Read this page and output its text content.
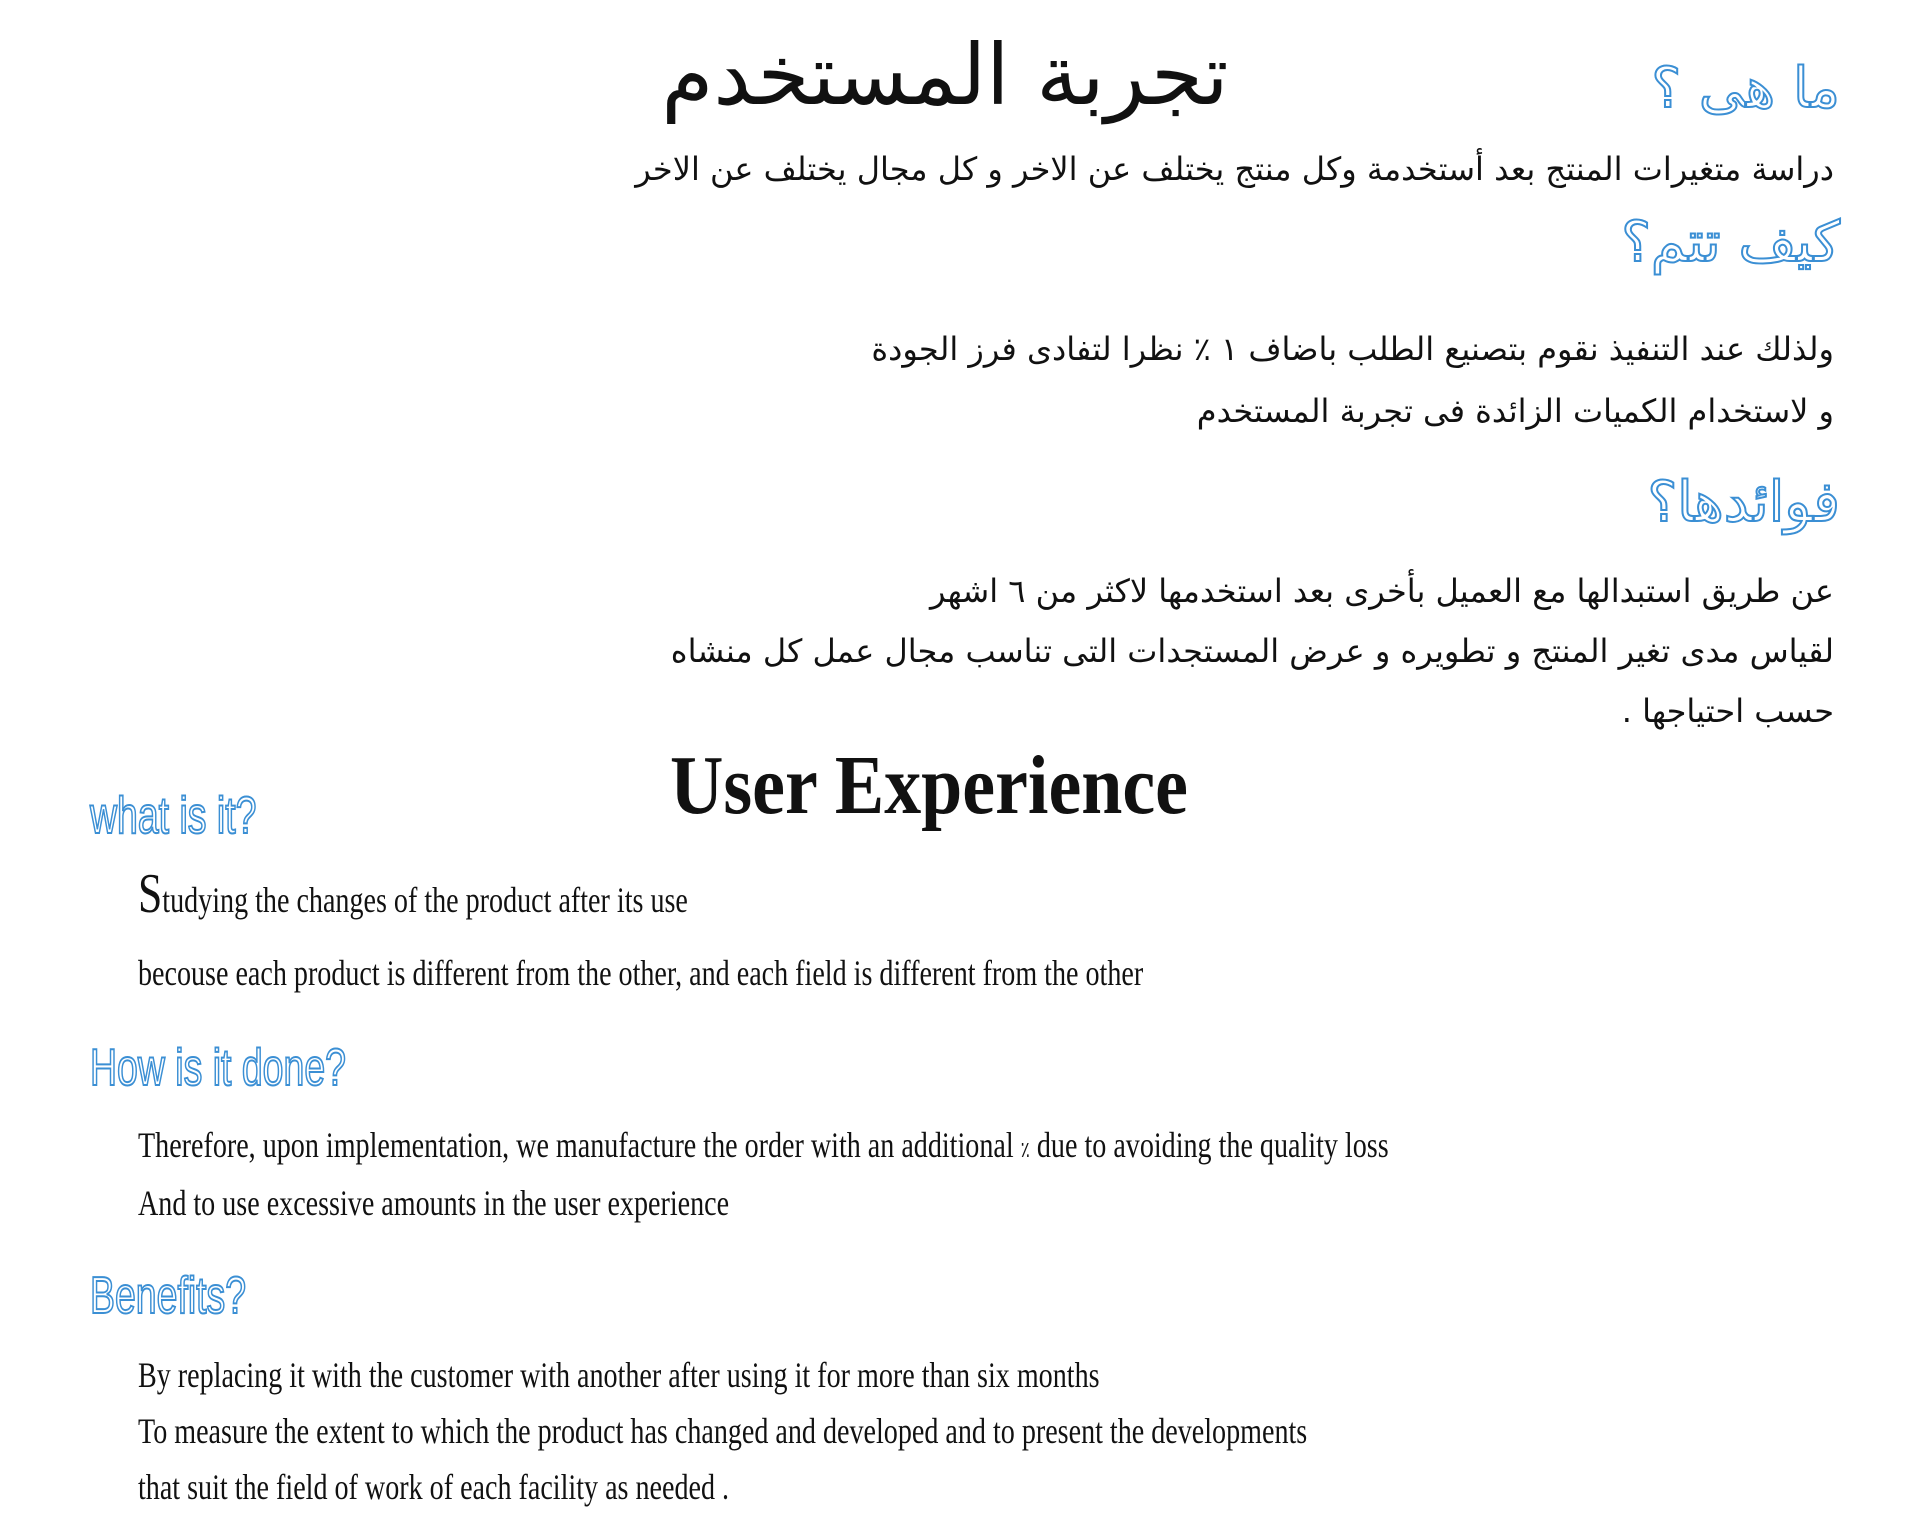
تجربة المستخدم	ما هى ؟
دراسة متغيرات المنتج بعد أستخدمة وكل منتج يختلف عن الاخر و كل مجال يختلف عن الاخر
كيف تتم؟
ولذلك عند التنفيذ نقوم بتصنيع الطلب باضاف ١ ٪ نظرا لتفادى فرز الجودة
و لاستخدام الكميات الزائدة فى تجربة المستخدم
فوائدها؟
عن طريق استبدالها مع العميل بأخرى بعد استخدمها لاكثر من ٦ اشهر
لقياس مدى تغير المنتج و تطويره و عرض المستجدات التى تناسب مجال عمل كل منشاه
حسب احتياجها .
User Experience
what is it?
Studying the changes of the product after its use
becouse each product is different from the other, and each field is different from the other
How is it done?
Therefore, upon implementation, we manufacture the order with an additional ٪ due to avoiding the quality loss
And to use excessive amounts in the user experience
Benefits?
By replacing it with the customer with another after using it for more than six months
To measure the extent to which the product has changed and developed and to present the developments
that suit the field of work of each facility as needed .
